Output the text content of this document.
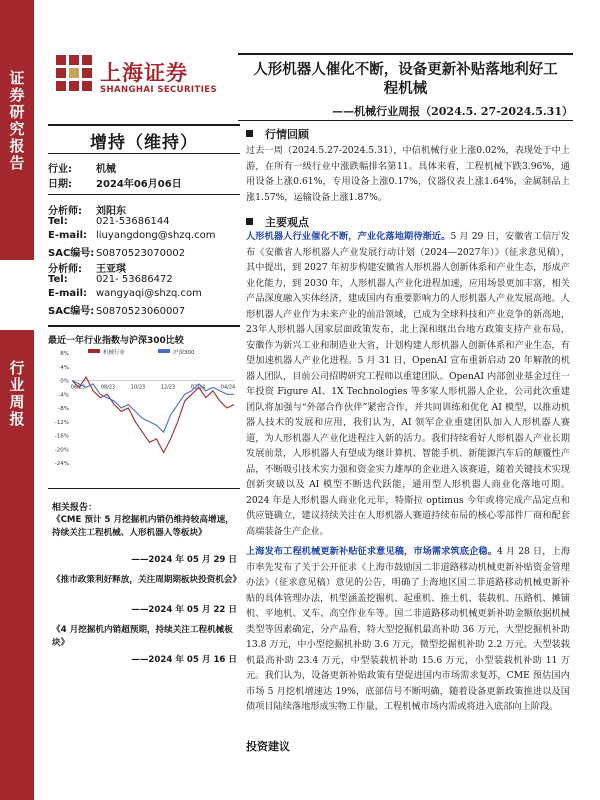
证券研究报告
行业周报
上海证券
SHANGHAI SECURITIES
人形机器人催化不断，设备更新补贴落地利好工
程机械
——机械行业周报（2024.5. 27-2024.5.31）
增持（维持）
行业: 机械
日期: 2024年06月06日
分析师: 刘阳东
Tel:	021-53686144
E-mail: liuyangdong@shzq.com
SAC编号: S0870523070002
分析师: 王亚琪
Tel:	021- 53686472
E-mail: wangyaqi@shzq.com
SAC编号: S0870523060007
最近一年行业指数与沪深300比较
机械行业	沪深300
8%
4%
0%
-4%
-8%
-12%
-16%
-20%
-24%
06/23	08/23	10/23	12/23	02/24	04/24
相关报告：
《CME 预计 5 月挖掘机内销仍维持较高增速，持续关注工程机械、人形机器人等板块》
——2024 年 05 月 29 日
《推市政策利好释放，关注周期期板块投资机会》
——2024 年 05 月 22 日
《4 月挖掘机内销超预期，持续关注工程机械板块》
——2024 年 05 月 16 日
行情回顾
过去一周（2024.5.27-2024.5.31），中信机械行业上涨0.02%，表现处于中上游，在所有一级行业中涨跌幅排名第11。具体来看，工程机械下跌3.96%，通用设备上涨0.61%，专用设备上涨0.17%，仪器仪表上涨1.64%，金属制品上涨1.57%，运输设备上涨1.87%。
主要观点
人形机器人行业催化不断，产业化落地期待渐近。5 月 29 日，安徽省工信厅发布《安徽省人形机器人产业发展行动计划（2024—2027年）》（征求意见稿），其中提出，到 2027 年初步构建安徽省人形机器人创新体系和产业生态，形成产业化能力，到 2030 年，人形机器人产业化进程加速，应用场景更加丰富，相关产品深度融入实体经济，建成国内有重要影响力的人形机器人产业发展高地。人形机器人产业作为未来产业的前沿领域，已成为全球科技和产业竞争的新高地，23年人形机器人国家层面政策发布，北上深和继出台地方政策支持产业布局，安徽作为新兴工业和制造业大省，计划构建人形机器人创新体系和产业生态，有望加速机器人产业化进程。5 月 31 日，OpenAI 宣布重新启动 20 年解散的机器人团队，目前公司招聘研究工程师以重建团队。OpenAI 内部创业基金过往一年投资 Figure AI、1X Technologies 等多家人形机器人企业，公司此次重建团队将加强与“外部合作伙伴”紧密合作，并共同训练和优化 AI 模型，以推动机器人技术的发展和应用，我们认为，AI 领军企业重建团队加入人形机器人赛道，为人形机器人产业化进程注入新的活力。我们持续看好人形机器人产业长期发展前景，人形机器人有望成为继计算机、智能手机、新能源汽车后的颠覆性产品，不断吸引技术实力强和资金实力雄厚的企业进入该赛道，随着关键技术实现创新突破以及 AI 模型不断迭代跃能，通用型人形机器人商业化落地可期。2024 年是人形机器人商业化元年，特斯拉 optimus 今年或将完成产品定点和供应链确立，建议持续关注在人形机器人赛道持续布局的核心零部件厂商和配套高端装备生产企业。
上海发布工程机械更新补贴征求意见稿，市场需求筑底企稳。4 月 28 日，上海市率先发布了关于公开征求《上海市鼓励国二非道路移动机械更新补贴资金管理办法》（征求意见稿）意见的公告，明确了上海地区国二非道路移动机械更新补贴的具体管理办法，机型涵盖挖掘机、起重机、推土机、装载机、压路机、摊铺机、平地机、叉车、高空作业车等。国二非道路移动机械更新补助金额依据机械类型等因素确定，分产品看，特大型挖掘机最高补助 36 万元，大型挖掘机补助 13.8 万元，中小型挖掘机补助 3.6 万元，微型挖掘机补助 2.2 万元。大型装载机最高补助 23.4 万元，中型装载机补助 15.6 万元，小型装载机补助 11 万元。我们认为，设备更新补贴政策有望促进国内市场需求复苏，CME 预估国内市场 5 月挖机增速达 19%，底部信号不断明确，随着设备更新政策推进以及国债项目陆续落地形成实物工作量，工程机械市场内需或将进入底部向上阶段。
投资建议
